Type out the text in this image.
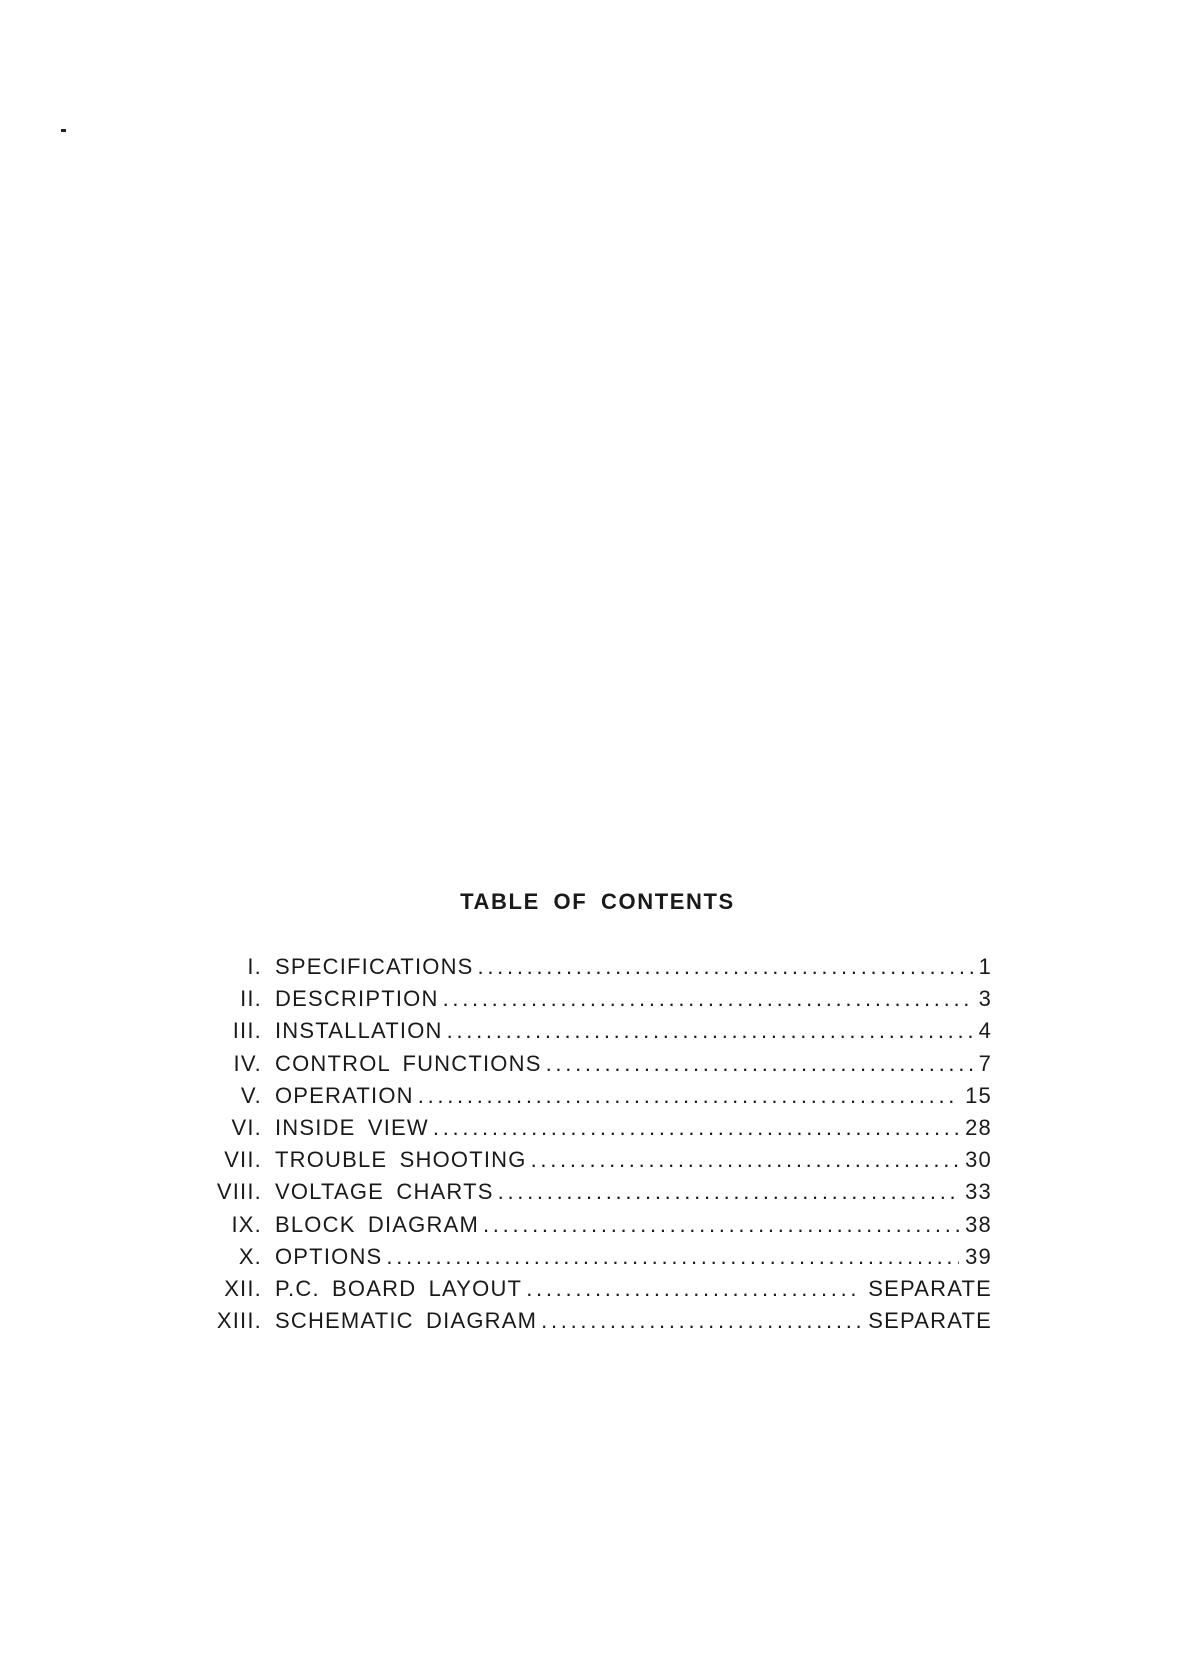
TABLE OF CONTENTS
I. SPECIFICATIONS . . .	1
II. DESCRIPTION . . .	3
III. INSTALLATION . . .	4
IV. CONTROL FUNCTIONS . . .	7
V. OPERATION . . .	15
VI. INSIDE VIEW . . .	28
VII. TROUBLE SHOOTING . . .	30
VIII. VOLTAGE CHARTS . . .	33
IX. BLOCK DIAGRAM . . .	38
X. OPTIONS . . .	39
XII. P.C. BOARD LAYOUT . . .	SEPARATE
XIII. SCHEMATIC DIAGRAM . . .	SEPARATE
